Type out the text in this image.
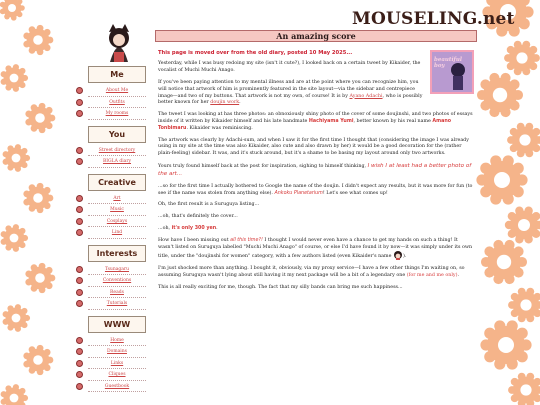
MOUSELING.net
Me
About Me
Outfits
My rooms
You
Street directory
BIGLA diary
Creative
Art
Music
Cosplays
Lind
Interests
Tsunagaru
Conventions
Reads
Tutorials
WWW
Home
Domains
Links
Cliques
Guestbook
An amazing score
beautiful boy
This page is moved over from the old diary, posted 10 May 2025...

Yesterday, while I was busy redoing my site (isn't it cute?), I looked back on a certain tweet by Kikaider, the vocalist of Muchi Muchi Anago.

If you've been paying attention to my mental illness and are at the point where you can recognize him, you will notice that artwork of him is prominently featured in the site layout—via the sidebar and centrepiece image—and two of my buttons. That artwork is not my own, of course! It is by Ayano Adachi, who is possibly better known for her doujin work.

The tweet I was looking at has three photos: an obnoxiously shiny photo of the cover of some doujinshi, and two photos of essays inside of it written by Kikaider himself and his late bandmate Hachiyama Yumi, better known by his real name Amano Tonbimaru. Kikaider was reminiscing.

The artwork was clearly by Adachi-sum, and when I saw it for the first time I thought that (considering the image I was already using in my site at the time was also Kikaider, also cute and also drawn by her) it would be a good decoration for the (rather plain-feeling) sidebar. It was, and it's stuck around, but it's a shame to be basing my layout around only two artworks.

Yours truly found himself back at the post for inspiration, sighing to himself thinking, I wish I at least had a better photo of the art...

...so for the first time I actually bothered to Google the name of the doujin. I didn't expect any results, but it was more for fun (to see if the name was stolen from anything else). Ankoku Planetarium! Let's see what comes up!

Oh, the first result is a Suruguya listing...

...oh, that's definitely the cover...

...oh, it's only 300 yen.

How have I been missing out all this time?! I thought I would never even have a chance to get my hands on such a thing! It wasn't listed on Suruguya labelled "Muchi Muchi Anago" of course, or else I'd have found it by now—it was simply under its own title, under the "doujinshi for women" category, with a few authors listed (even Kikaider's name ).

I'm just shocked more than anything. I bought it, obviously, via my proxy service—I have a few other things I'm waiting on, so assuming Suruguya wasn't lying about still having it my next package will be a bit of a legendary one (for me and me only).

This is all really exciting for me, though. The fact that my silly bands can bring me such happiness...
